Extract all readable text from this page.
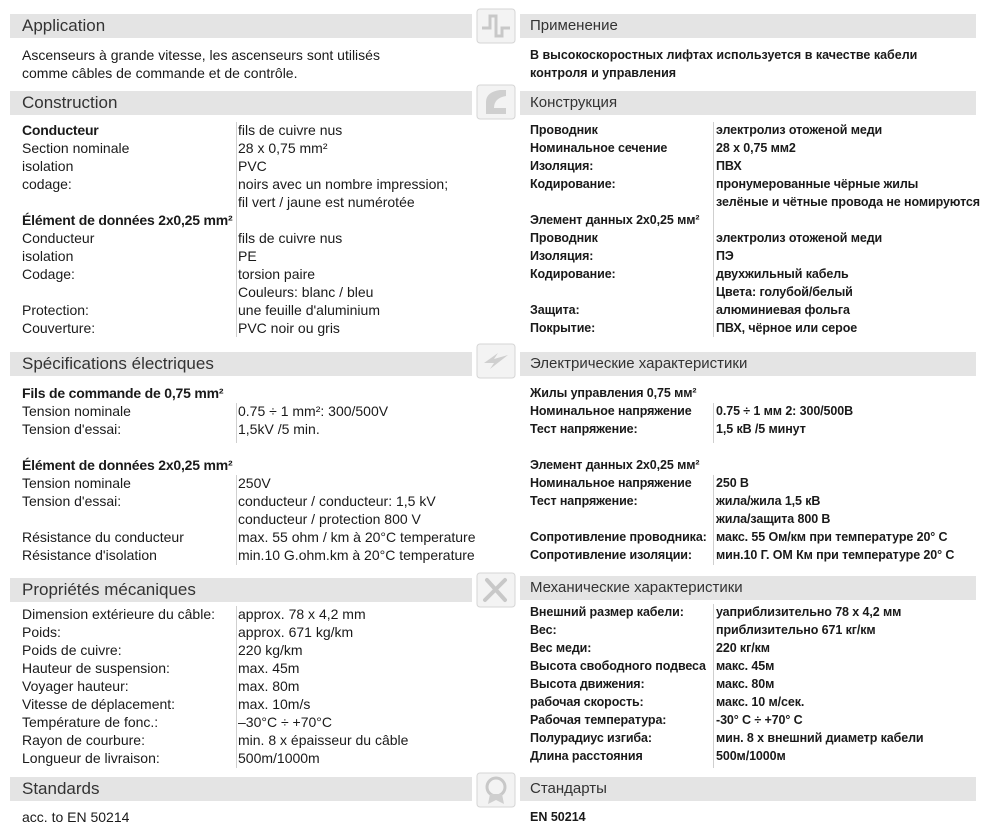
Application
Ascenseurs à grande vitesse, les ascenseurs sont utilisés
comme câbles de commande et de contrôle.
Construction
Conducteur	fils de cuivre nus
Section nominale	28 x 0,75 mm²
isolation	PVC
codage:	noirs avec un nombre impression;
fil vert / jaune est numérotée
Élément de données 2x0,25 mm²
Conducteur	fils de cuivre nus
isolation	PE
Codage:	torsion paire
Couleurs: blanc / bleu
Protection:	une feuille d'aluminium
Couverture:	PVC noir ou gris
Spécifications électriques
Fils de commande de 0,75 mm²
Tension nominale	0.75 ÷ 1 mm²: 300/500V
Tension d'essai:	1,5kV /5 min.
Élément de données 2x0,25 mm²
Tension nominale	250V
Tension d'essai:	conducteur / conducteur: 1,5 kV
conducteur / protection 800 V
Résistance du conducteur	max. 55 ohm / km à 20°C temperature
Résistance d'isolation	min.10 G.ohm.km à 20°C temperature
Propriétés mécaniques
Dimension extérieure du câble: approx. 78 x 4,2 mm
Poids:	approx. 671 kg/km
Poids de cuivre:	220 kg/km
Hauteur de suspension:	max. 45m
Voyager hauteur:	max. 80m
Vitesse de déplacement:	max. 10m/s
Température de fonc.:	–30°C ÷ +70°C
Rayon de courbure:	min. 8 x épaisseur du câble
Longueur de livraison:	500m/1000m
Standards
acc. to EN 50214
Применение
В высокоскоростных лифтах используется в качестве кабели
контроля и управления
Конструкция
Проводник	электролиз отоженой меди
Номинальное сечение	28 x 0,75 мм2
Изоляция:	ПВХ
Кодирование:	пронумерованные чёрные жилы
зелёные и чётные провода не номируются
Элемент данных 2x0,25 мм²
Проводник	электролиз отоженой меди
Изоляция:	ПЭ
Кодирование:	двухжильный кабель
Цвета: голубой/белый
Защита:	алюминиевая фольга
Покрытие:	ПВХ, чёрное или серое
Электрические характеристики
Жилы управления 0,75 мм²
Номинальное напряжение 0.75 ÷ 1 мм 2: 300/500В
Тест напряжение:	1,5 кВ /5 минут
Элемент данных 2x0,25 мм²
Номинальное напряжение 250 В
Тест напряжение:	жила/жила 1,5 кВ
жила/защита 800 В
Сопротивление проводника: макс. 55 Ом/км при температуре 20° С
Сопротивление изоляции: мин.10 Г. ОМ Км при температуре 20° С
Механические характеристики
Внешний размер кабели:	уаприблизительно 78 x 4,2 мм
Вес:	приблизительно 671 кг/км
Вес меди:	220 кг/км
Высота свободного подвеса макс. 45м
Высота движения:	макс. 80м
рабочая скорость:	макс. 10 м/сек.
Рабочая температура:	-30° С ÷ +70° С
Полурадиус изгиба:	мин. 8 х внешний диаметр кабели
Длина расстояния	500м/1000м
Стандарты
EN 50214
